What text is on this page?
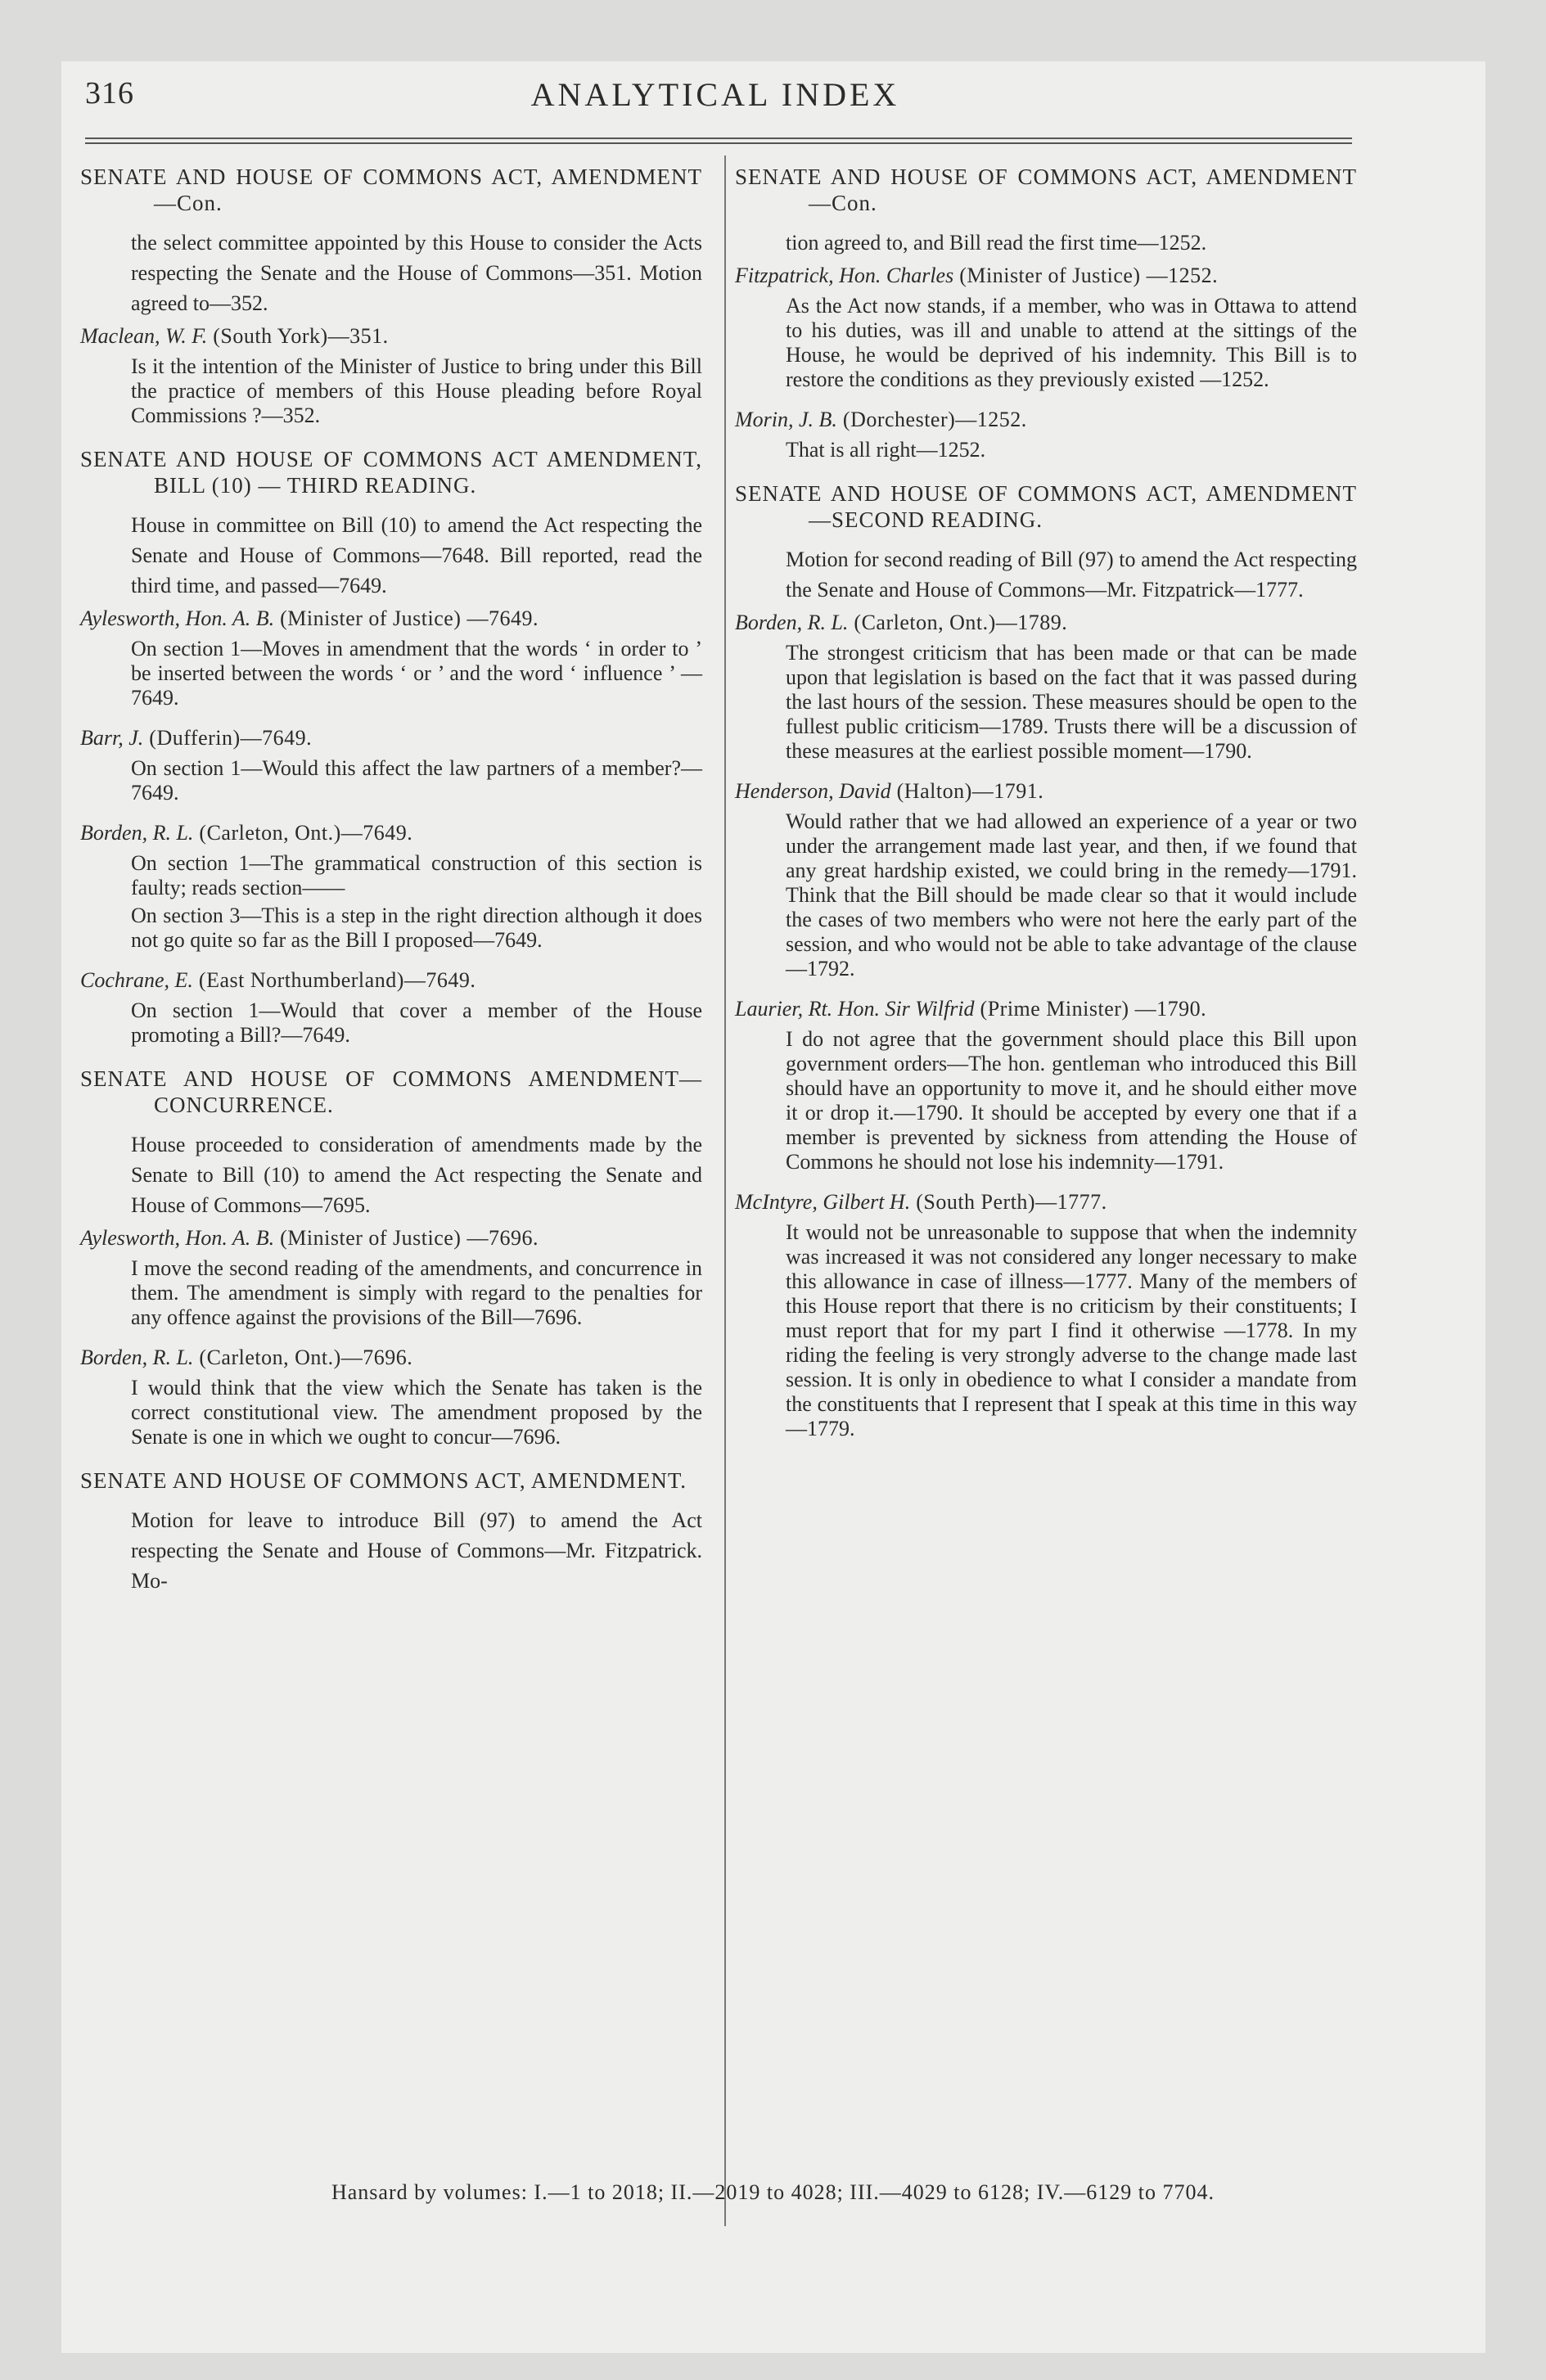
316	ANALYTICAL INDEX
SENATE AND HOUSE OF COMMONS ACT, AMENDMENT—Con.
the select committee appointed by this House to consider the Acts respecting the Senate and the House of Commons—351. Motion agreed to—352.
Maclean, W. F. (South York)—351.
Is it the intention of the Minister of Justice to bring under this Bill the practice of members of this House pleading before Royal Commissions ?—352.
SENATE AND HOUSE OF COMMONS ACT AMENDMENT, BILL (10) — THIRD READING.
House in committee on Bill (10) to amend the Act respecting the Senate and House of Commons—7648. Bill reported, read the third time, and passed—7649.
Aylesworth, Hon. A. B. (Minister of Justice) —7649.
On section 1—Moves in amendment that the words ‘ in order to ’ be inserted between the words ‘ or ’ and the word ‘ influence ’ —7649.
Barr, J. (Dufferin)—7649.
On section 1—Would this affect the law partners of a member?—7649.
Borden, R. L. (Carleton, Ont.)—7649.
On section 1—The grammatical construction of this section is faulty; reads section——
On section 3—This is a step in the right direction although it does not go quite so far as the Bill I proposed—7649.
Cochrane, E. (East Northumberland)—7649.
On section 1—Would that cover a member of the House promoting a Bill?—7649.
SENATE AND HOUSE OF COMMONS AMENDMENT—CONCURRENCE.
House proceeded to consideration of amendments made by the Senate to Bill (10) to amend the Act respecting the Senate and House of Commons—7695.
Aylesworth, Hon. A. B. (Minister of Justice) —7696.
I move the second reading of the amendments, and concurrence in them. The amendment is simply with regard to the penalties for any offence against the provisions of the Bill—7696.
Borden, R. L. (Carleton, Ont.)—7696.
I would think that the view which the Senate has taken is the correct constitutional view. The amendment proposed by the Senate is one in which we ought to concur—7696.
SENATE AND HOUSE OF COMMONS ACT, AMENDMENT.
Motion for leave to introduce Bill (97) to amend the Act respecting the Senate and House of Commons—Mr. Fitzpatrick. Mo-
SENATE AND HOUSE OF COMMONS ACT, AMENDMENT—Con.
tion agreed to, and Bill read the first time—1252.
Fitzpatrick, Hon. Charles (Minister of Justice) —1252.
As the Act now stands, if a member, who was in Ottawa to attend to his duties, was ill and unable to attend at the sittings of the House, he would be deprived of his indemnity. This Bill is to restore the conditions as they previously existed —1252.
Morin, J. B. (Dorchester)—1252.
That is all right—1252.
SENATE AND HOUSE OF COMMONS ACT, AMENDMENT—SECOND READING.
Motion for second reading of Bill (97) to amend the Act respecting the Senate and House of Commons—Mr. Fitzpatrick—1777.
Borden, R. L. (Carleton, Ont.)—1789.
The strongest criticism that has been made or that can be made upon that legislation is based on the fact that it was passed during the last hours of the session. These measures should be open to the fullest public criticism—1789. Trusts there will be a discussion of these measures at the earliest possible moment—1790.
Henderson, David (Halton)—1791.
Would rather that we had allowed an experience of a year or two under the arrangement made last year, and then, if we found that any great hardship existed, we could bring in the remedy—1791. Think that the Bill should be made clear so that it would include the cases of two members who were not here the early part of the session, and who would not be able to take advantage of the clause—1792.
Laurier, Rt. Hon. Sir Wilfrid (Prime Minister) —1790.
I do not agree that the government should place this Bill upon government orders—The hon. gentleman who introduced this Bill should have an opportunity to move it, and he should either move it or drop it.—1790. It should be accepted by every one that if a member is prevented by sickness from attending the House of Commons he should not lose his indemnity—1791.
McIntyre, Gilbert H. (South Perth)—1777.
It would not be unreasonable to suppose that when the indemnity was increased it was not considered any longer necessary to make this allowance in case of illness—1777. Many of the members of this House report that there is no criticism by their constituents; I must report that for my part I find it otherwise —1778. In my riding the feeling is very strongly adverse to the change made last session. It is only in obedience to what I consider a mandate from the constituents that I represent that I speak at this time in this way—1779.
Hansard by volumes: I.—1 to 2018; II.—2019 to 4028; III.—4029 to 6128; IV.—6129 to 7704.
